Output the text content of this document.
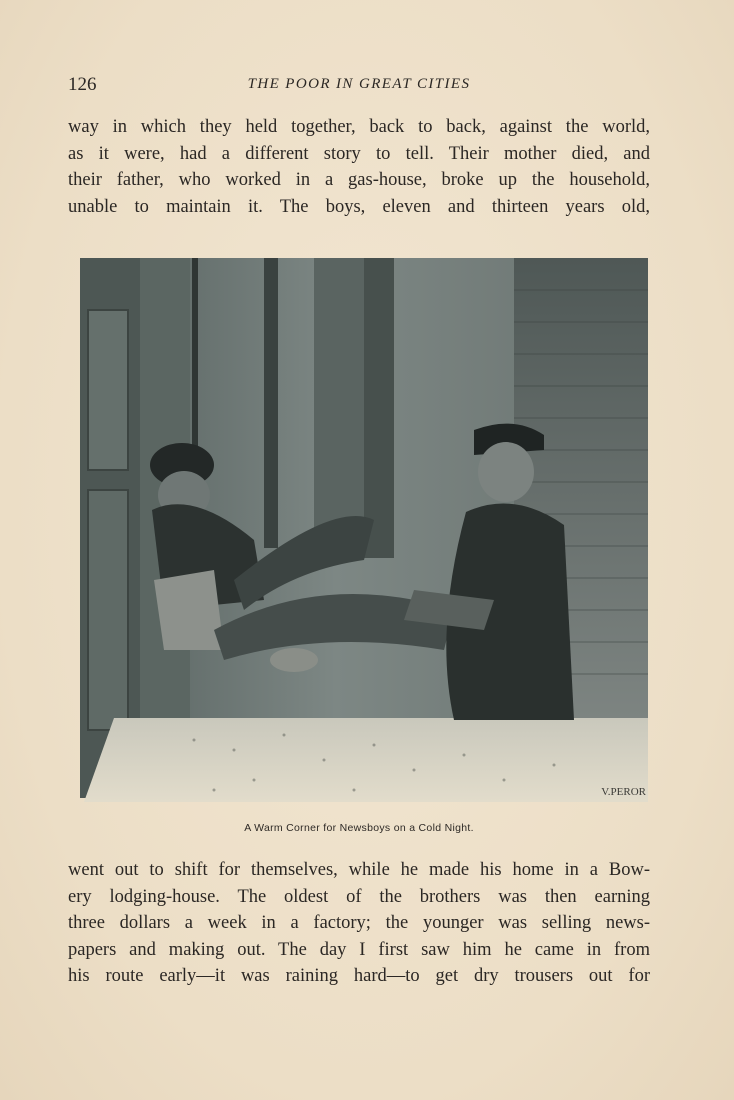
126	THE POOR IN GREAT CITIES
way in which they held together, back to back, against the world,
as it were, had a different story to tell. Their mother died, and
their father, who worked in a gas-house, broke up the household,
unable to maintain it. The boys, eleven and thirteen years old,
V.PEROR
A Warm Corner for Newsboys on a Cold Night.
went out to shift for themselves, while he made his home in a Bow-
ery lodging-house. The oldest of the brothers was then earning
three dollars a week in a factory; the younger was selling news-
papers and making out. The day I first saw him he came in from
his route early—it was raining hard—to get dry trousers out for
